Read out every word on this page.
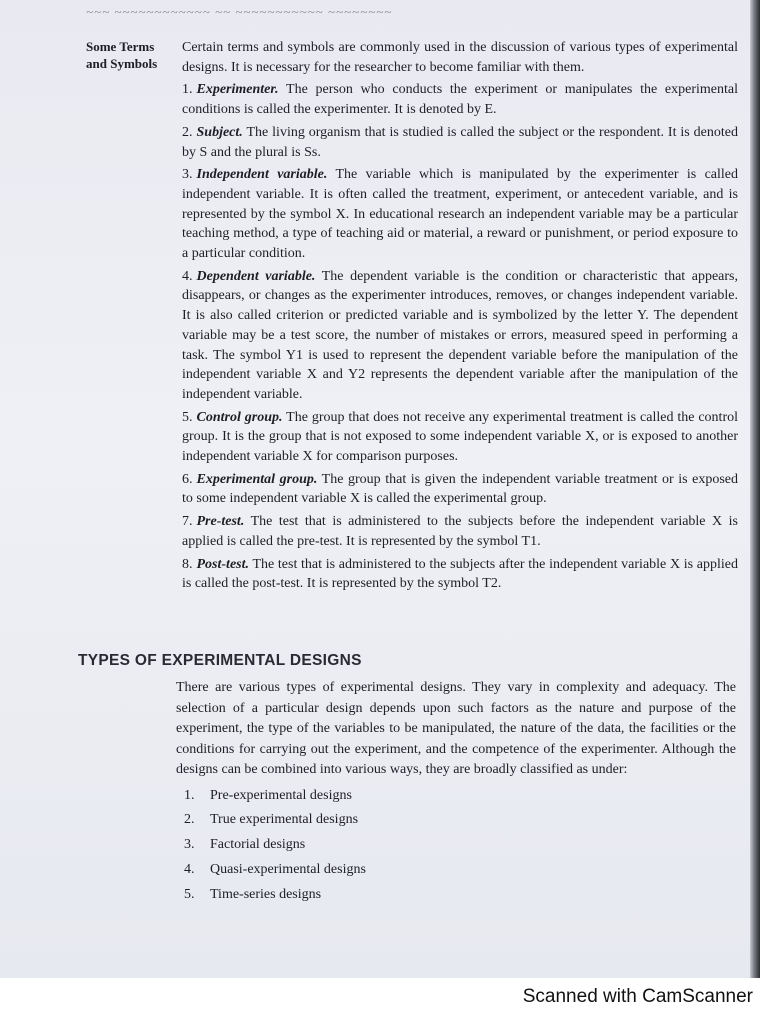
~~~ ~~~~~~~~~~~~ ~~ ~~~~~~~~~~~ ~~~~~~~~
Some Terms
and Symbols

Certain terms and symbols are commonly used in the discussion of various types of experimental designs. It is necessary for the researcher to become familiar with them.

1. Experimenter. The person who conducts the experiment or manipulates the experimental conditions is called the experimenter. It is denoted by E.

2. Subject. The living organism that is studied is called the subject or the respondent. It is denoted by S and the plural is Ss.

3. Independent variable. The variable which is manipulated by the experimenter is called independent variable. It is often called the treatment, experiment, or antecedent variable, and is represented by the symbol X. In educational research an independent variable may be a particular teaching method, a type of teaching aid or material, a reward or punishment, or period exposure to a particular condition.

4. Dependent variable. The dependent variable is the condition or characteristic that appears, disappears, or changes as the experimenter introduces, removes, or changes independent variable. It is also called criterion or predicted variable and is symbolized by the letter Y. The dependent variable may be a test score, the number of mistakes or errors, measured speed in performing a task. The symbol Y1 is used to represent the dependent variable before the manipulation of the independent variable X and Y2 represents the dependent variable after the manipulation of the independent variable.

5. Control group. The group that does not receive any experimental treatment is called the control group. It is the group that is not exposed to some independent variable X, or is exposed to another independent variable X for comparison purposes.

6. Experimental group. The group that is given the independent variable treatment or is exposed to some independent variable X is called the experimental group.

7. Pre-test. The test that is administered to the subjects before the independent variable X is applied is called the pre-test. It is represented by the symbol T1.

8. Post-test. The test that is administered to the subjects after the independent variable X is applied is called the post-test. It is represented by the symbol T2.

TYPES OF EXPERIMENTAL DESIGNS

There are various types of experimental designs. They vary in complexity and adequacy. The selection of a particular design depends upon such factors as the nature and purpose of the experiment, the type of the variables to be manipulated, the nature of the data, the facilities or the conditions for carrying out the experiment, and the competence of the experimenter. Although the designs can be combined into various ways, they are broadly classified as under:

1. Pre-experimental designs
2. True experimental designs
3. Factorial designs
4. Quasi-experimental designs
5. Time-series designs
Scanned with CamScanner
